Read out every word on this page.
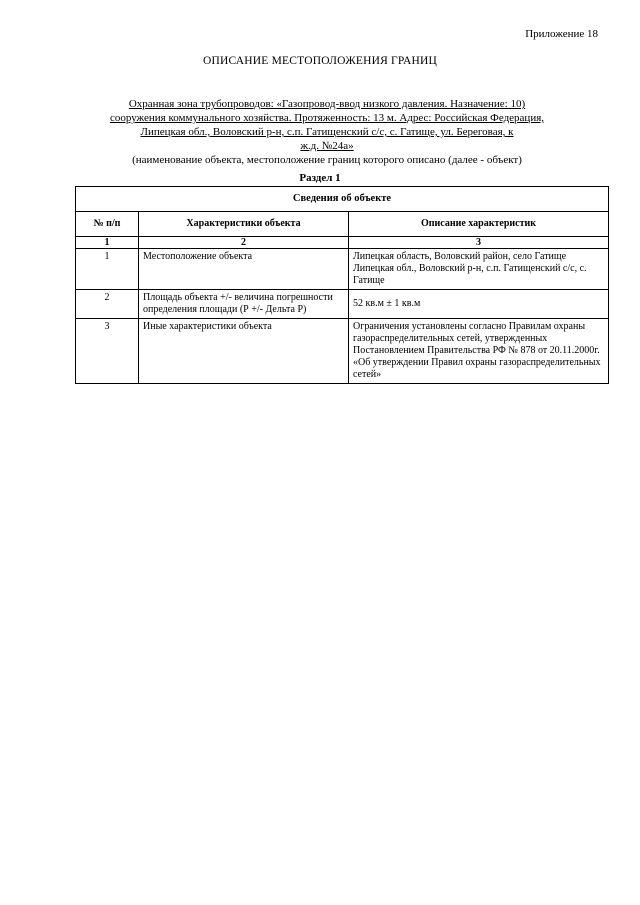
Приложение 18
ОПИСАНИЕ МЕСТОПОЛОЖЕНИЯ ГРАНИЦ
Охранная зона трубопроводов: «Газопровод-ввод низкого давления. Назначение: 10)
сооружения коммунального хозяйства. Протяженность: 13 м. Адрес: Российская Федерация,
Липецкая обл., Воловский р-н, с.п. Гатищенский с/с, с. Гатище, ул. Береговая, к
ж.д. №24а»
(наименование объекта, местоположение границ которого описано (далее - объект)
Раздел 1
Сведения об объекте		
№ п/п	Характеристики объекта	Описание характеристик
1	2	3
1	Местоположение объекта	Липецкая область, Воловский район, село Гатище Липецкая обл., Воловский р-н, с.п. Гатищенский с/с, с. Гатище
2	Площадь объекта +/- величина погрешности определения площади (Р +/- Дельта Р)	52 кв.м ± 1 кв.м
3	Иные характеристики объекта	Ограничения установлены согласно Правилам охраны газораспределительных сетей, утвержденных Постановлением Правительства РФ № 878 от 20.11.2000г. «Об утверждении Правил охраны газораспределительных сетей»
